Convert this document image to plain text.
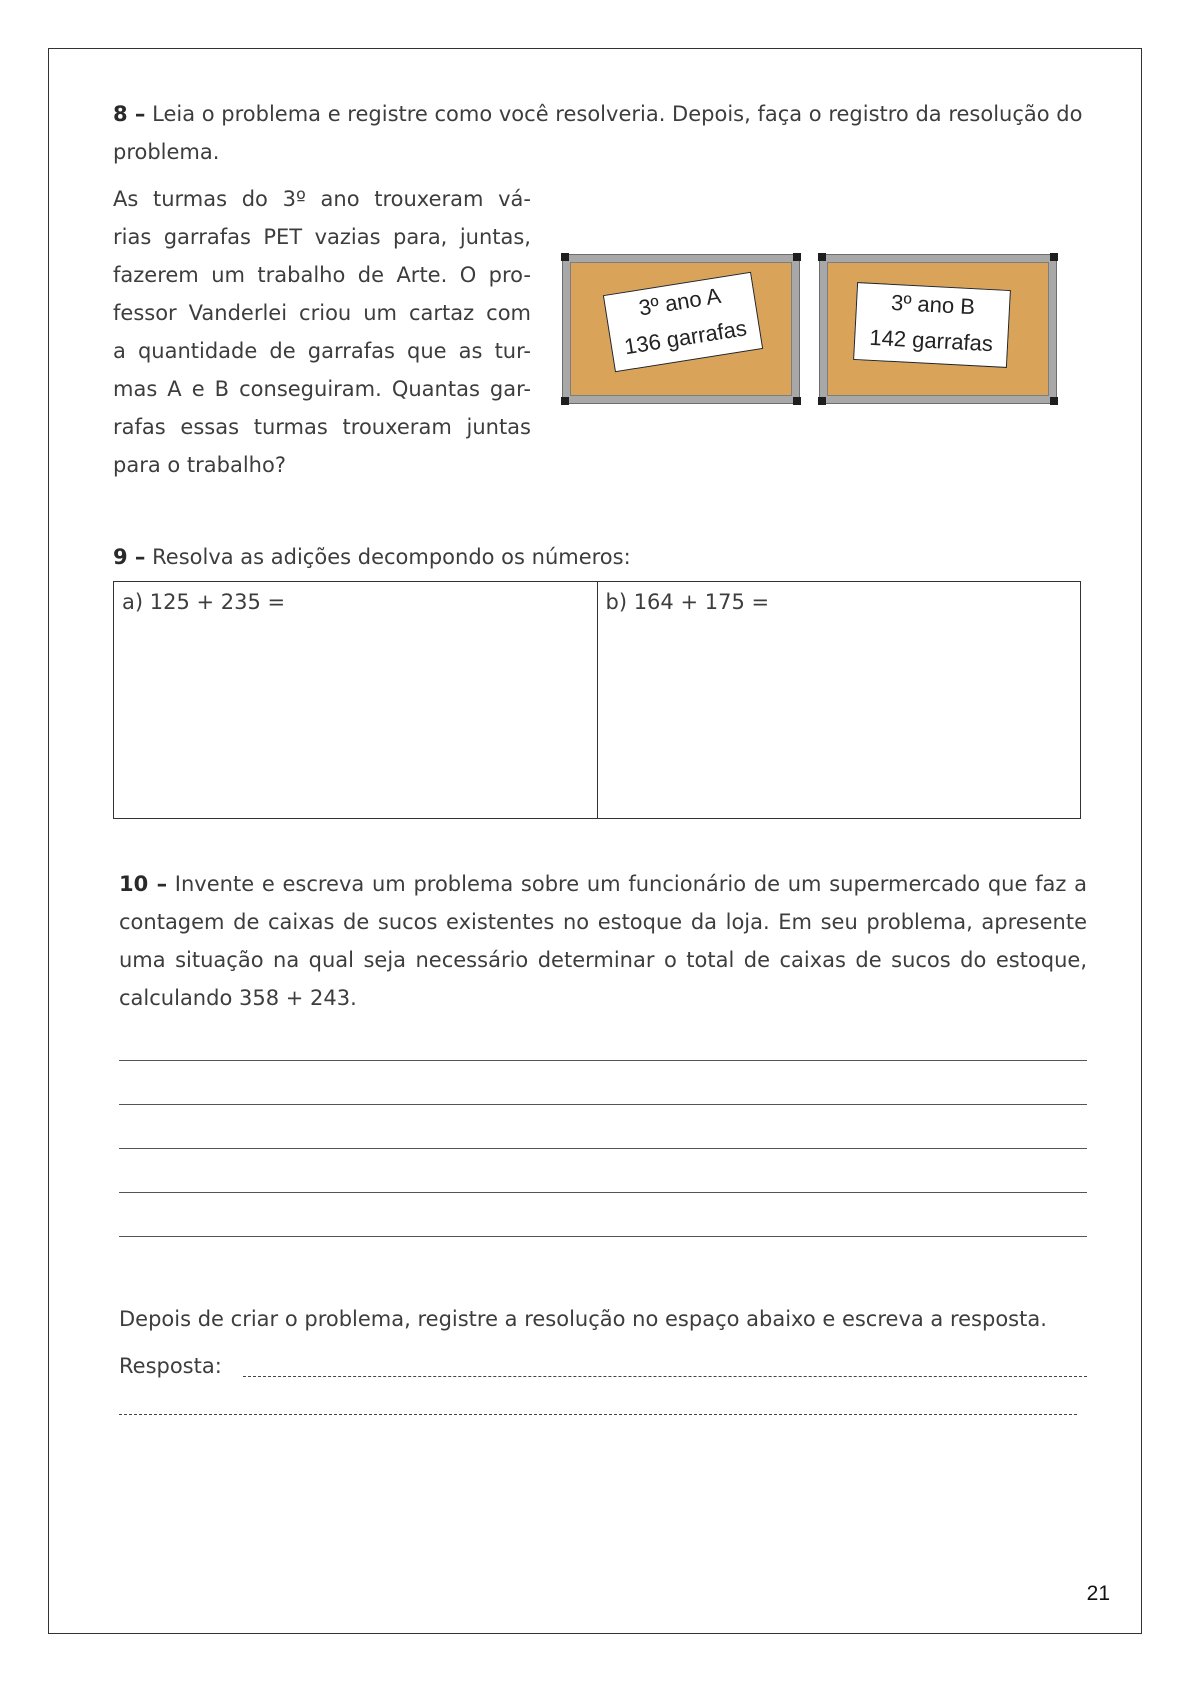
8 – Leia o problema e registre como você resolveria. Depois, faça o registro da resolução do problema.
As turmas do 3º ano trouxeram vá-
rias garrafas PET vazias para, juntas,
fazerem um trabalho de Arte. O pro-
fessor Vanderlei criou um cartaz com
a quantidade de garrafas que as tur-
mas A e B conseguiram. Quantas gar-
rafas essas turmas trouxeram juntas
para o trabalho?
3º ano A
136 garrafas
3º ano B
142 garrafas
9 – Resolva as adições decompondo os números:
a) 125 + 235 =	b) 164 + 175 =
10 – Invente e escreva um problema sobre um funcionário de um supermercado que faz a contagem de caixas de sucos existentes no estoque da loja. Em seu problema, apresente uma situação na qual seja necessário determinar o total de caixas de sucos do estoque, calculando 358 + 243.
Depois de criar o problema, registre a resolução no espaço abaixo e escreva a resposta.
Resposta:
21
